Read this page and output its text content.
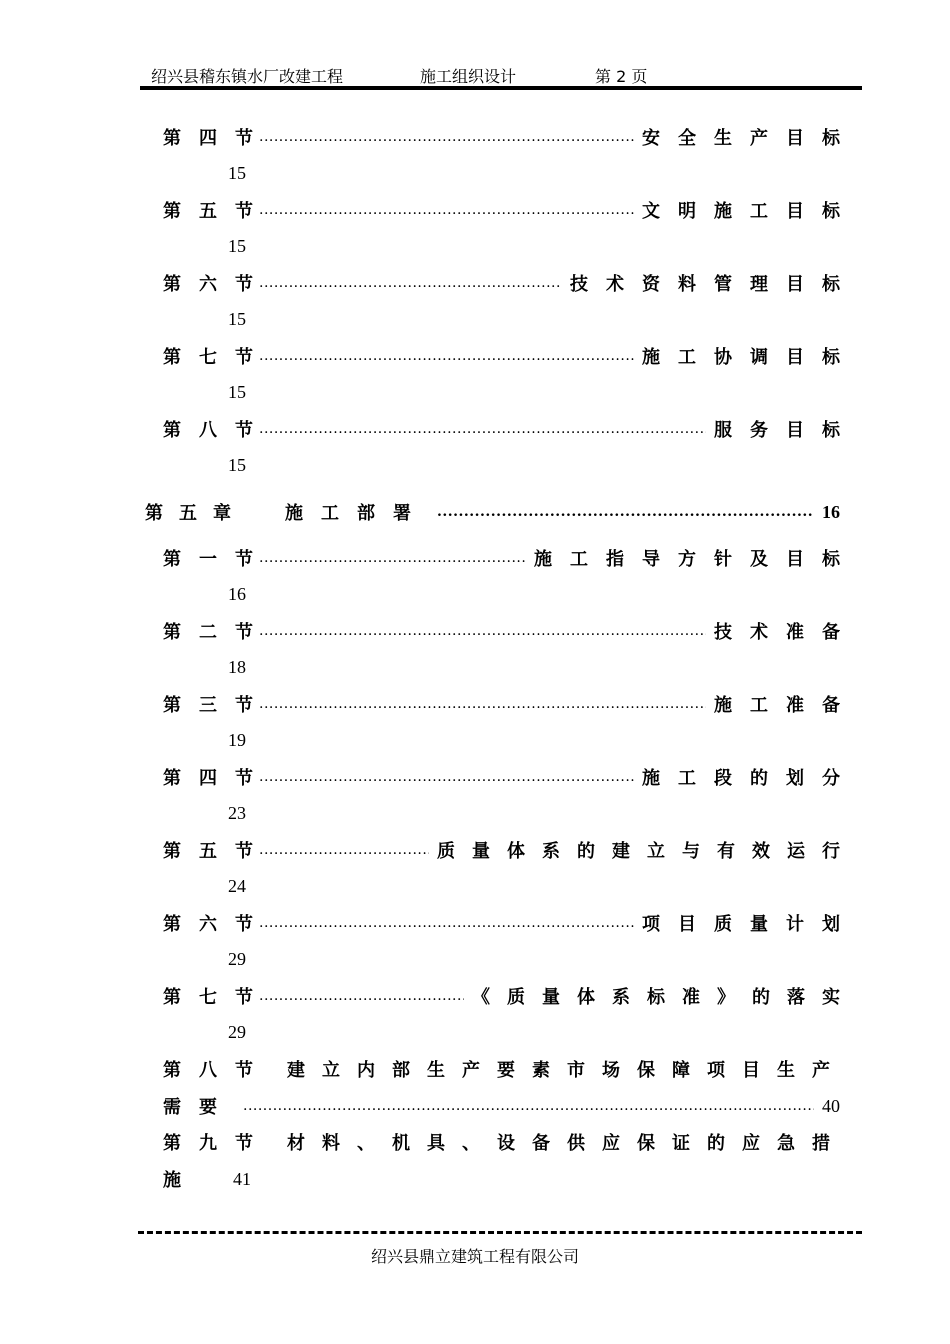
绍兴县稽东镇水厂改建工程	施工组织设计	第 2 页
第四节 .....	安全生产目标
15
第五节 .....	文明施工目标
15
第六节 .....	技术资料管理目标
15
第七节 .....	施工协调目标
15
第八节 .....	服务目标
15
第五章	施工部署 .....	16
第一节 .....	施工指导方针及目标
16
第二节 .....	技术准备
18
第三节 .....	施工准备
19
第四节 .....	施工段的划分
23
第五节 .....	质量体系的建立与有效运行
24
第六节 .....	项目质量计划
29
第七节 .....	《质量体系标准》的落实
29
第八节 建立内部生产要素市场保障项目生产
需要 .....	40
第九节 材料、机具、设备供应保证的应急措
施	41
绍兴县鼎立建筑工程有限公司
